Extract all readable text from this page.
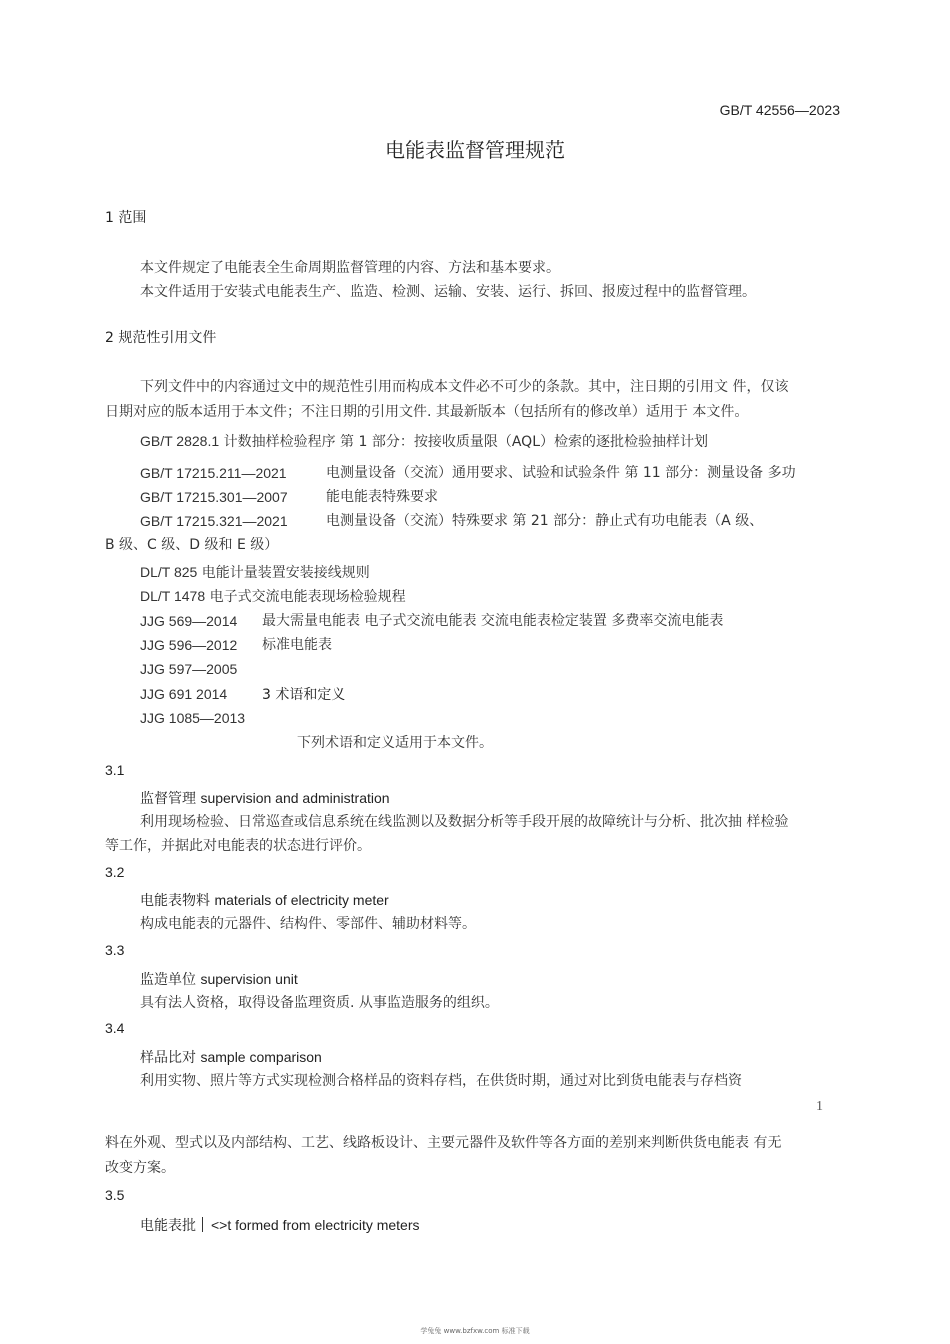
GB/T 42556—2023
电能表监督管理规范
1 范围
本文件规定了电能表全生命周期监督管理的内容、方法和基本要求。
本文件适用于安装式电能表生产、监造、检测、运输、安装、运行、拆回、报废过程中的监督管理。
2 规范性引用文件
下列文件中的内容通过文中的规范性引用而构成本文件必不可少的条款。其中，注日期的引用文 件，仅该
日期对应的版本适用于本文件；不注日期的引用文件. 其最新版本（包括所有的修改单）适用于 本文件。
GB/T 2828.1 计数抽样检验程序 第 1 部分：按接收质量限（AQL）检索的逐批检验抽样计划
GB/T 17215.211—2021	电测量设备（交流）通用要求、试验和试验条件 第 11 部分：测量设备 多功
GB/T 17215.301—2007	能电能表特殊要求
GB/T 17215.321—2021	电测量设备（交流）特殊要求 第 21 部分：静止式有功电能表（A 级、
B 级、C 级、D 级和 E 级）
DL/T 825 电能计量装置安装接线规则
DL/T 1478 电子式交流电能表现场检验规程
JJG 569—2014 最大需量电能表 电子式交流电能表 交流电能表检定装置 多费率交流电能表
JJG 596—2012 标准电能表
JJG 597—2005
JJG 691 2014 3 术语和定义
JJG 1085—2013
下列术语和定义适用于本文件。
3.1
监督管理 supervision and administration
利用现场检验、日常巡查或信息系统在线监测以及数据分析等手段开展的故障统计与分析、批次抽 样检验
等工作，并据此对电能表的状态进行评价。
3.2
电能表物料 materials of electricity meter
构成电能表的元器件、结构件、零部件、辅助材料等。
3.3
监造单位 supervision unit
具有法人资格，取得设备监理资质. 从事监造服务的组织。
3.4
样品比对 sample comparison
利用实物、照片等方式实现检测合格样品的资料存档，在供货时期，通过对比到货电能表与存档资
1
料在外观、型式以及内部结构、工艺、线路板设计、主要元器件及软件等各方面的差别来判断供货电能表 有无
改变方案。
3.5
电能表批 <>t formed from electricity meters
学兔兔 www.bzfxw.com 标准下载
